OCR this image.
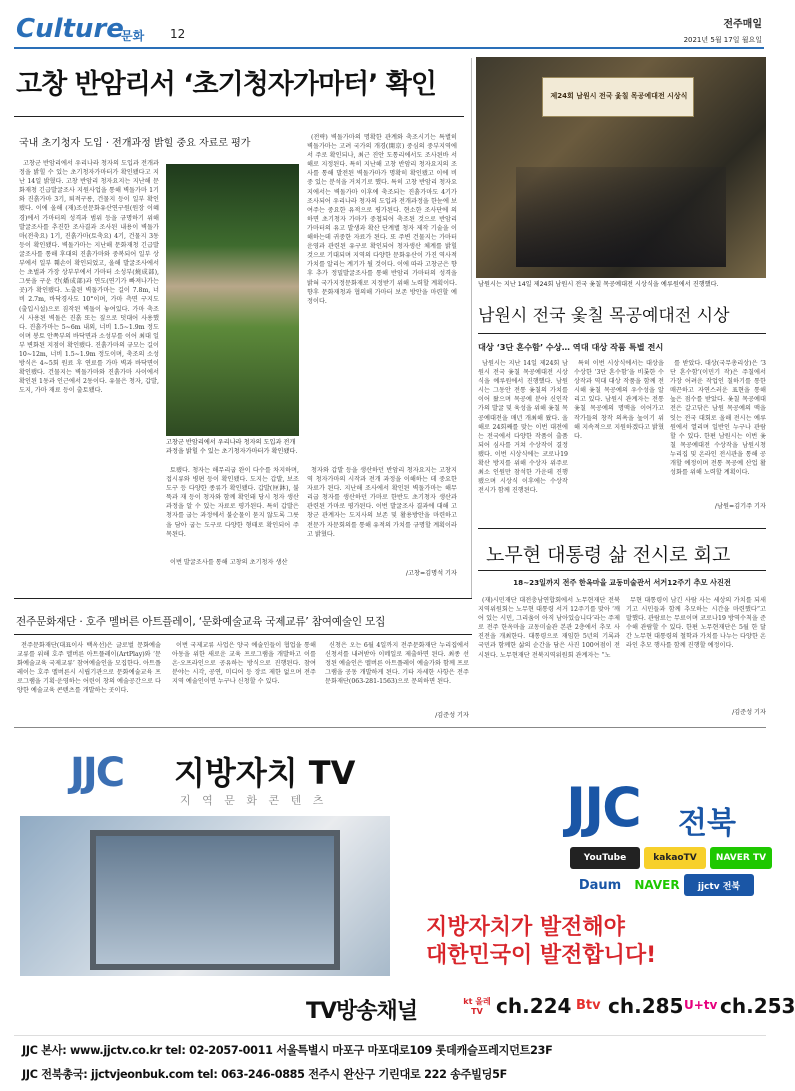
Culture
문화 12
전주매일
2021년 5월 17일 월요일
고창 반암리서 ‘초기청자가마터’ 확인
국내 초기청자 도입 · 전개과정 밝힐 중요 자료로 평가

고창군 반암리에서 우리나라 청자의 도입과 전개과정을 밝힐 수 있는 초기청자가마터가 확인됐다고 지난 14일 밝혔다. 고창 반암리 청자요지는 지난해 문화재청 긴급발굴조사 지원사업을 통해 벽돌가마 1기와 진흙가마 3기, 퇴적구릉, 건물지 등이 일부 확인됐다. 이에 올해 (재)조선문화유산연구원(원장 이혜경)에서 가마터의 성격과 범위 등을 규명하기 위해 발굴조사를 추진한 조사결과 조사된 내용이 벽돌가마(전축요) 1기, 진흙가마(토축요) 4기, 건물지 3동 등이 확인됐다. 벽돌가마는 지난해 문화재청 긴급발굴조사를 통해 후대의 진흙가마와 중복되어 일부 상부에서 일부 훼손이 확인되었고, 올해 발굴조사에서는 초벌과 가장 상부부에서 가마터 소성부(燒成部), 그릇을 구운 칸(燔成部)과 연도(연기가 빠져나가는 곳)가 확인됐다. 노출된 벽돌가마는 길이 7.8m, 너비 2.7m, 바닥경사도 10°이며, 가마 측면 구지도(출입시설)으로 짐작된 벽돌이 놓여있다. 가마 축조시 사용된 벽돌은 진흙 또는 짚으로 덧대어 사용했다. 진흙가마는 5~6m 내외, 너비 1.5~1.9m 정도이며 봉토 안쪽부의 바닥면과 소성부를 이어 최대 일부 변화된 지점이 확인됐다. 진흙가마의 규모는 길이 10~12m, 너비 1.5~1.9m 정도이며, 축조의 소성방식은 4~5회 원료 후 연료를 가마 벽과 바닥면이 확인됐다. 건물지는 벽돌가마와 진흙가마 사이에서 확인된 1동과 인근에서 2동이다. 유물은 청자, 갑발, 도지, 가마 재료 등이 출토됐다.

고창군 반암리에서 우리나라 청자의 도입과 전개과정을 밝힐 수 있는 초기청자가마터가 확인됐다.

토됐다. 청자는 해무리굽 완이 다수를 차지하며, 접시류와 병편 등이 확인됐다. 도지는 갑발, 보조 도구 등 다양한 종류가 확인됐다. 갑발(匣鉢), 불뚝과 재 등이 청자와 함께 확인돼 당시 청자 생산 과정을 알 수 있는 자료로 평가된다. 특히 갑발은 청자를 굽는 과정에서 불순물이 묻지 않도록 그릇을 담아 굽는 도구로 다양한 형태로 확인되어 주목된다.

이번 발굴조사를 통해 고창의 초기청자 생산

(전략) 벽돌가마의 명확한 관계와 축조시기는 특별히 벽돌가마는 고려 국가의 개경(開京) 중심의 중부지역에서 주로 확인되나, 최근 진안 도통리에서도 조사된바 서해로 지정된다. 특히 지난해 고창 반암리 청자요지의 조사를 통해 발전된 벽돌가마가 명확히 확인됐고 이에 비중 있는 분석을 거치기로 했다. 특히 고창 반암리 청자요지에서는 벽돌가마 이후에 축조되는 진흙가마도 4기가 조사되어 우리나라 청자의 도입과 전개과정을 한눈에 보여주는 중요한 유적으로 평가된다. 현소한 조사단에 의하면 초기청자 가마가 중첩되어 축조된 것으로 반암리 가마터의 유고 발생과 확산 단계별 청자 제작 기술을 이해하는데 귀중한 자료가 된다. 또 주변 건물지는 가마터 운영과 관련된 유구로 확인되어 청자생산 체계를 밝힐 것으로 기대되며 지역의 다양한 문화유산이 가진 역사적 가치를 알리는 계기가 될 것이다. 이에 따라 고창군은 향후 추가 정밀발굴조사를 통해 반암리 가마터의 성격을 밝혀 국가지정문화재로 지정받기 위해 노력할 계획이다. 향후 문화재청과 협의해 가마터 보존 방안을 마련할 예정이다.

청자와 갑발 등을 생산하던 반암리 청자요지는 고창지역 청자가마의 시작과 전개 과정을 이해하는 데 중요한 자료가 된다. 지난해 조사에서 확인된 벽돌가마는 해무리굽 청자를 생산하던 가마로 한반도 초기청자 생산과 관련된 가마로 평가된다. 이번 발굴조사 결과에 대해 고창군 관계자는 도지사의 보존 및 활용방안을 마련하고 전문가 자문회의를 통해 유적의 가치를 규명할 계획이라고 밝혔다.

/고창=김명석 기자
제24회 남원시 전국 옻칠 목공예대전 시상식
남원시는 지난 14일 제24회 남원시 전국 옻칠 목공예대전 시상식을 예루원에서 진행했다.
남원시 전국 옻칠 목공예대전 시상
대상 ‘3단 혼수함’ 수상… 역대 대상 작품 특별 전시

남원시는 지난 14일 제24회 남원시 전국 옻칠 목공예대전 시상식을 예루원에서 진행했다. 남원시는 그동안 전통 옻칠의 가치를 이어 왔으며 목공예 분야 신인작가의 발굴 및 육성을 위해 옻칠 목공예대전을 매년 개최해 왔다. 올해로 24회째를 맞는 이번 대전에는 전국에서 다양한 작품이 출품되어 심사를 거쳐 수상작이 결정됐다. 이번 시상식에는 코로나19 확산 방지를 위해 수상자 위주로 최소 인원만 참석한 가운데 진행됐으며 시상식 이후에는 수상작 전시가 함께 진행된다.

특히 이번 시상식에서는 대상을 수상한 ‘3단 혼수함’을 비롯한 수상작과 역대 대상 작품을 함께 전시해 옻칠 목공예의 우수성을 알리고 있다. 남원시 관계자는 전통 옻칠 목공예의 명맥을 이어가고 작가들의 창작 의욕을 높이기 위해 지속적으로 지원하겠다고 밝혔다.

를 받았다. 대상(국무총리상)은 ‘3단 혼수함’(이민기 작)은 주칠에서 가장 어려운 작업인 칠하기를 통한 매끈하고 자연스러운 표현을 통해 높은 점수를 받았다. 옻칠 목공예대전은 갈고닦은 남원 목공예의 맥을 잇는 전국 대회로 올해 전시는 예루원에서 열리며 일반인 누구나 관람할 수 있다. 한편 남원시는 이번 옻칠 목공예대전 수상작을 남원시청 누리집 및 온라인 전시관을 통해 공개할 예정이며 전통 목공예 산업 활성화를 위해 노력할 계획이다.

/남원=김기주 기자
노무현 대통령 삶 전시로 회고
18~23일까지 전주 한옥마을 교동미술관서 서거12주기 추모 사진전

(재)시민재단 대전충남연합회에서 노무현재단 전북지역위원회는 노무현 대통령 서거 12주기를 맞아 ‘깨어 있는 시민, 그리움이 아직 남아있습니다’라는 주제로 전주 한옥마을 교동미술관 본관 2층에서 추모 사진전을 개최한다. 대통령으로 재임한 5년의 기록과 국민과 함께한 삶의 순간을 담은 사진 100여점이 전시된다. 노무현재단 전북지역위원회 관계자는 “노

무현 대통령이 남긴 사람 사는 세상의 가치를 되새기고 시민들과 함께 추모하는 시간을 마련했다”고 말했다. 관람료는 무료이며 코로나19 방역수칙을 준수해 관람할 수 있다. 한편 노무현재단은 5월 한 달간 노무현 대통령의 철학과 가치를 나누는 다양한 온라인 추모 행사를 함께 진행할 예정이다.

/김준성 기자
전주문화재단 · 호주 멜버른 아트플레이, ‘문화예술교육 국제교류’ 참여예술인 모집

전주문화재단(대표이사 백옥선)은 글로벌 문화예술 교류를 위해 호주 멜버른 아트플레이(ArtPlay)와 ‘문화예술교육 국제교류’ 참여예술인을 모집한다. 아트플레이는 호주 멜버른시 시립기관으로 문화예술교육 프로그램을 기획·운영하는 어린이 창의 예술공간으로 다양한 예술교육 콘텐츠를 개발하는 곳이다.

이번 국제교류 사업은 양국 예술인들이 협업을 통해 아동을 위한 새로운 교육 프로그램을 개발하고 이를 온·오프라인으로 공유하는 방식으로 진행된다. 참여 분야는 시각, 공연, 미디어 등 장르 제한 없으며 전주 지역 예술인이면 누구나 신청할 수 있다.

신청은 오는 6월 4일까지 전주문화재단 누리집에서 신청서를 내려받아 이메일로 제출하면 된다. 최종 선정된 예술인은 멜버른 아트플레이 예술가와 함께 프로그램을 공동 개발하게 된다. 기타 자세한 사항은 전주문화재단(063-281-1563)으로 문의하면 된다.

/김준성 기자
JJC 지방자치 TV
지 역 문 화 콘 텐 츠	JJC 전북
YouTube	kakaoTV	NAVER TV
Daum	NAVER	jjctv 전북
지방자치가 발전해야
대한민국이 발전합니다!
TV방송채널	kt 올레TV ch.224 Btv ch.285 U+tv ch.253
JJC 본사: www.jjctv.co.kr tel: 02-2057-0011 서울특별시 마포구 마포대로109 롯데캐슬프레지던트23F
JJC 전북총국: jjctvjeonbuk.com tel: 063-246-0885 전주시 완산구 기린대로 222 송주빌딩5F
